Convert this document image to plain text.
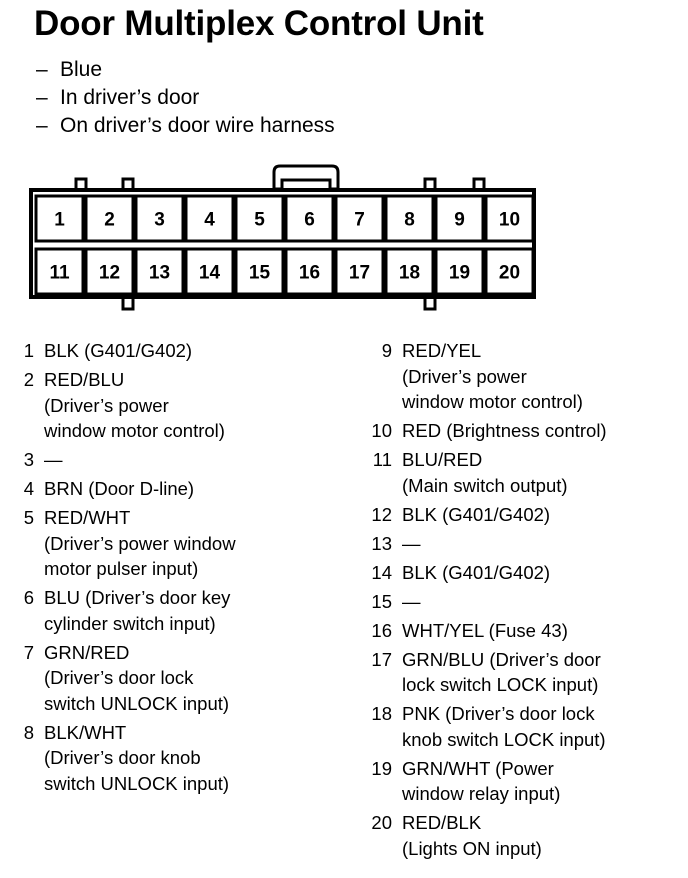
Door Multiplex Control Unit
– Blue
– In driver’s door
– On driver’s door wire harness
1 2 3 4 5 6 7 8 9 10
11 12 13 14 15 16 17 18 19 20
1 BLK (G401/G402)
2 RED/BLU
(Driver’s power
window motor control)
3 —
4 BRN (Door D-line)
5 RED/WHT
(Driver’s power window
motor pulser input)
6 BLU (Driver’s door key
cylinder switch input)
7 GRN/RED
(Driver’s door lock
switch UNLOCK input)
8 BLK/WHT
(Driver’s door knob
switch UNLOCK input)
9 RED/YEL
(Driver’s power
window motor control)
10 RED (Brightness control)
11 BLU/RED
(Main switch output)
12 BLK (G401/G402)
13 —
14 BLK (G401/G402)
15 —
16 WHT/YEL (Fuse 43)
17 GRN/BLU (Driver’s door
lock switch LOCK input)
18 PNK (Driver’s door lock
knob switch LOCK input)
19 GRN/WHT (Power
window relay input)
20 RED/BLK
(Lights ON input)
